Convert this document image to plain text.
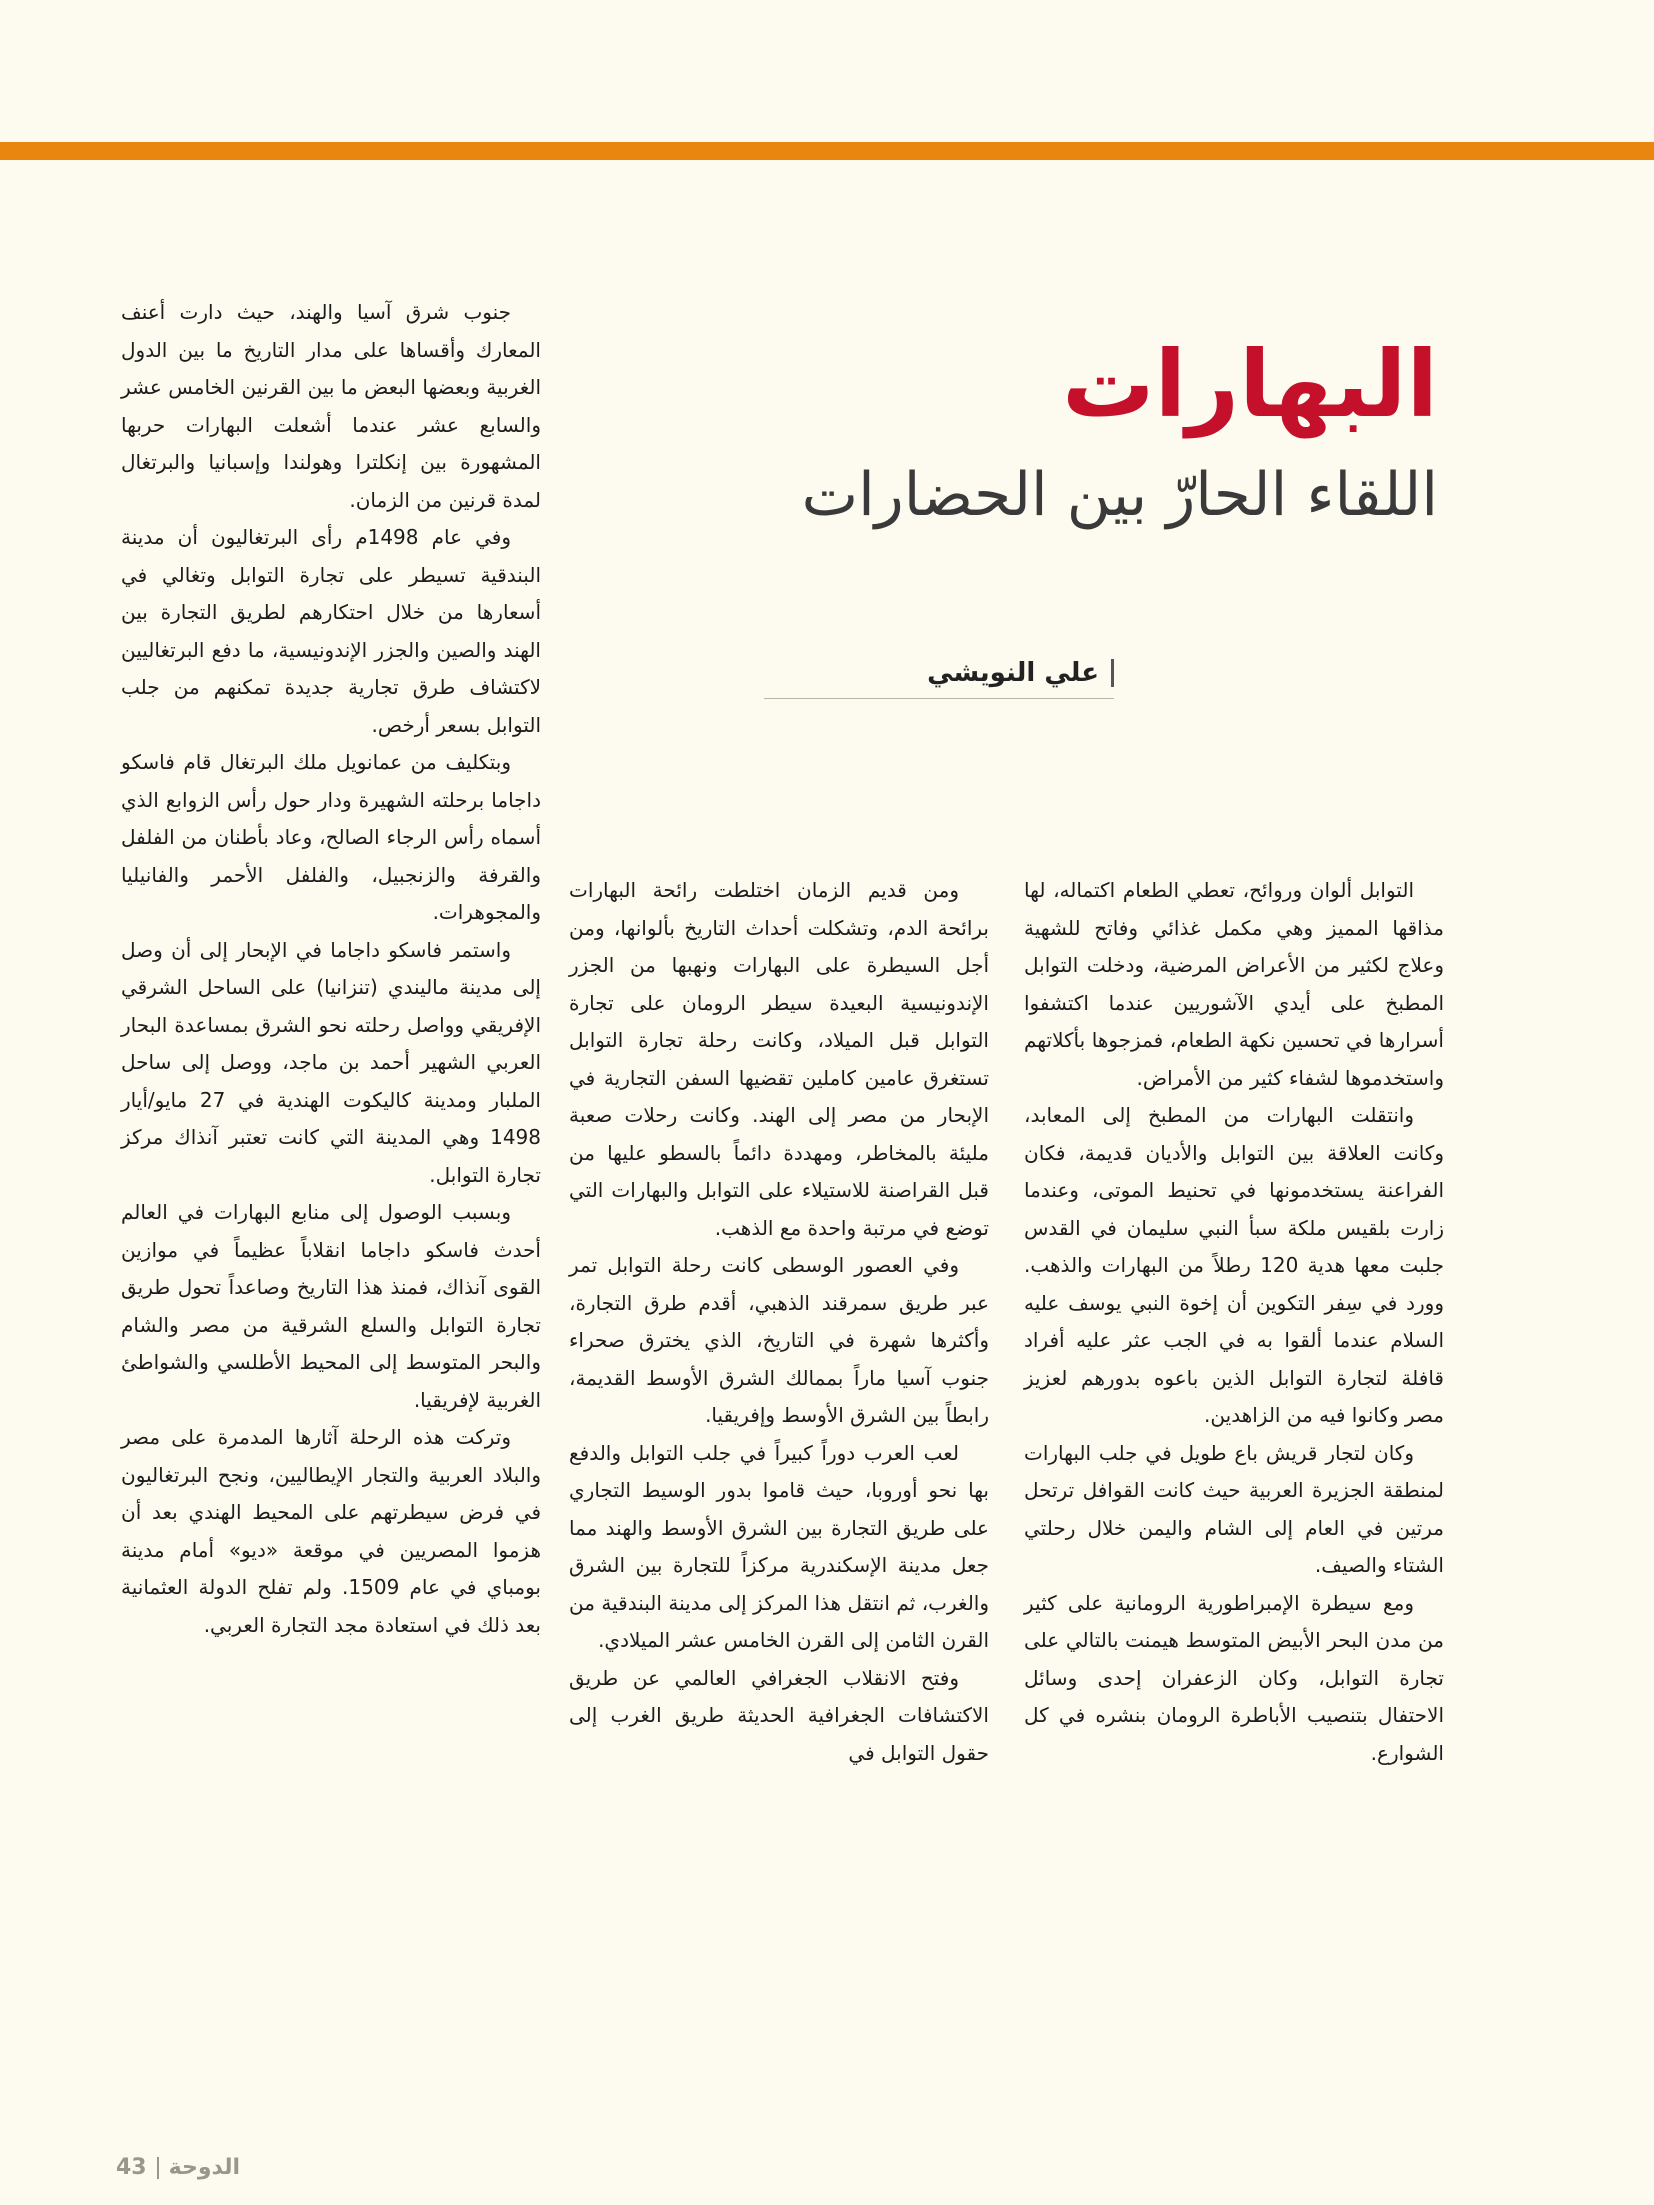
البهارات
اللقاء الحارّ بين الحضارات
علي النويشي

التوابل ألوان وروائح، تعطي الطعام اكتماله، لها مذاقها المميز وهي مكمل غذائي وفاتح للشهية وعلاج لكثير من الأعراض المرضية، ودخلت التوابل المطبخ على أيدي الآشوريين عندما اكتشفوا أسرارها في تحسين نكهة الطعام، فمزجوها بأكلاتهم واستخدموها لشفاء كثير من الأمراض.

وانتقلت البهارات من المطبخ إلى المعابد، وكانت العلاقة بين التوابل والأديان قديمة، فكان الفراعنة يستخدمونها في تحنيط الموتى، وعندما زارت بلقيس ملكة سبأ النبي سليمان في القدس جلبت معها هدية 120 رطلاً من البهارات والذهب. وورد في سِفر التكوين أن إخوة النبي يوسف عليه السلام عندما ألقوا به في الجب عثر عليه أفراد قافلة لتجارة التوابل الذين باعوه بدورهم لعزيز مصر وكانوا فيه من الزاهدين.

وكان لتجار قريش باع طويل في جلب البهارات لمنطقة الجزيرة العربية حيث كانت القوافل ترتحل مرتين في العام إلى الشام واليمن خلال رحلتي الشتاء والصيف.

ومع سيطرة الإمبراطورية الرومانية على كثير من مدن البحر الأبيض المتوسط هيمنت بالتالي على تجارة التوابل، وكان الزعفران إحدى وسائل الاحتفال بتنصيب الأباطرة الرومان بنشره في كل الشوارع.

ومن قديم الزمان اختلطت رائحة البهارات برائحة الدم، وتشكلت أحداث التاريخ بألوانها، ومن أجل السيطرة على البهارات ونهبها من الجزر الإندونيسية البعيدة سيطر الرومان على تجارة التوابل قبل الميلاد، وكانت رحلة تجارة التوابل تستغرق عامين كاملين تقضيها السفن التجارية في الإبحار من مصر إلى الهند. وكانت رحلات صعبة مليئة بالمخاطر، ومهددة دائماً بالسطو عليها من قبل القراصنة للاستيلاء على التوابل والبهارات التي توضع في مرتبة واحدة مع الذهب.

وفي العصور الوسطى كانت رحلة التوابل تمر عبر طريق سمرقند الذهبي، أقدم طرق التجارة، وأكثرها شهرة في التاريخ، الذي يخترق صحراء جنوب آسيا ماراً بممالك الشرق الأوسط القديمة، رابطاً بين الشرق الأوسط وإفريقيا.

لعب العرب دوراً كبيراً في جلب التوابل والدفع بها نحو أوروبا، حيث قاموا بدور الوسيط التجاري على طريق التجارة بين الشرق الأوسط والهند مما جعل مدينة الإسكندرية مركزاً للتجارة بين الشرق والغرب، ثم انتقل هذا المركز إلى مدينة البندقية من القرن الثامن إلى القرن الخامس عشر الميلادي.

وفتح الانقلاب الجغرافي العالمي عن طريق الاكتشافات الجغرافية الحديثة طريق الغرب إلى حقول التوابل في

جنوب شرق آسيا والهند، حيث دارت أعنف المعارك وأقساها على مدار التاريخ ما بين الدول الغربية وبعضها البعض ما بين القرنين الخامس عشر والسابع عشر عندما أشعلت البهارات حربها المشهورة بين إنكلترا وهولندا وإسبانيا والبرتغال لمدة قرنين من الزمان.

وفي عام 1498م رأى البرتغاليون أن مدينة البندقية تسيطر على تجارة التوابل وتغالي في أسعارها من خلال احتكارهم لطريق التجارة بين الهند والصين والجزر الإندونيسية، ما دفع البرتغاليين لاكتشاف طرق تجارية جديدة تمكنهم من جلب التوابل بسعر أرخص.

وبتكليف من عمانويل ملك البرتغال قام فاسكو داجاما برحلته الشهيرة ودار حول رأس الزوابع الذي أسماه رأس الرجاء الصالح، وعاد بأطنان من الفلفل والقرفة والزنجبيل، والفلفل الأحمر والفانيليا والمجوهرات.

واستمر فاسكو داجاما في الإبحار إلى أن وصل إلى مدينة ماليندي (تنزانيا) على الساحل الشرقي الإفريقي وواصل رحلته نحو الشرق بمساعدة البحار العربي الشهير أحمد بن ماجد، ووصل إلى ساحل الملبار ومدينة كاليكوت الهندية في 27 مايو/أيار 1498 وهي المدينة التي كانت تعتبر آنذاك مركز تجارة التوابل.

وبسبب الوصول إلى منابع البهارات في العالم أحدث فاسكو داجاما انقلاباً عظيماً في موازين القوى آنذاك، فمنذ هذا التاريخ وصاعداً تحول طريق تجارة التوابل والسلع الشرقية من مصر والشام والبحر المتوسط إلى المحيط الأطلسي والشواطئ الغربية لإفريقيا.

وتركت هذه الرحلة آثارها المدمرة على مصر والبلاد العربية والتجار الإيطاليين، ونجح البرتغاليون في فرض سيطرتهم على المحيط الهندي بعد أن هزموا المصريين في موقعة «ديو» أمام مدينة بومباي في عام 1509. ولم تفلح الدولة العثمانية بعد ذلك في استعادة مجد التجارة العربي.

43 الدوحة
